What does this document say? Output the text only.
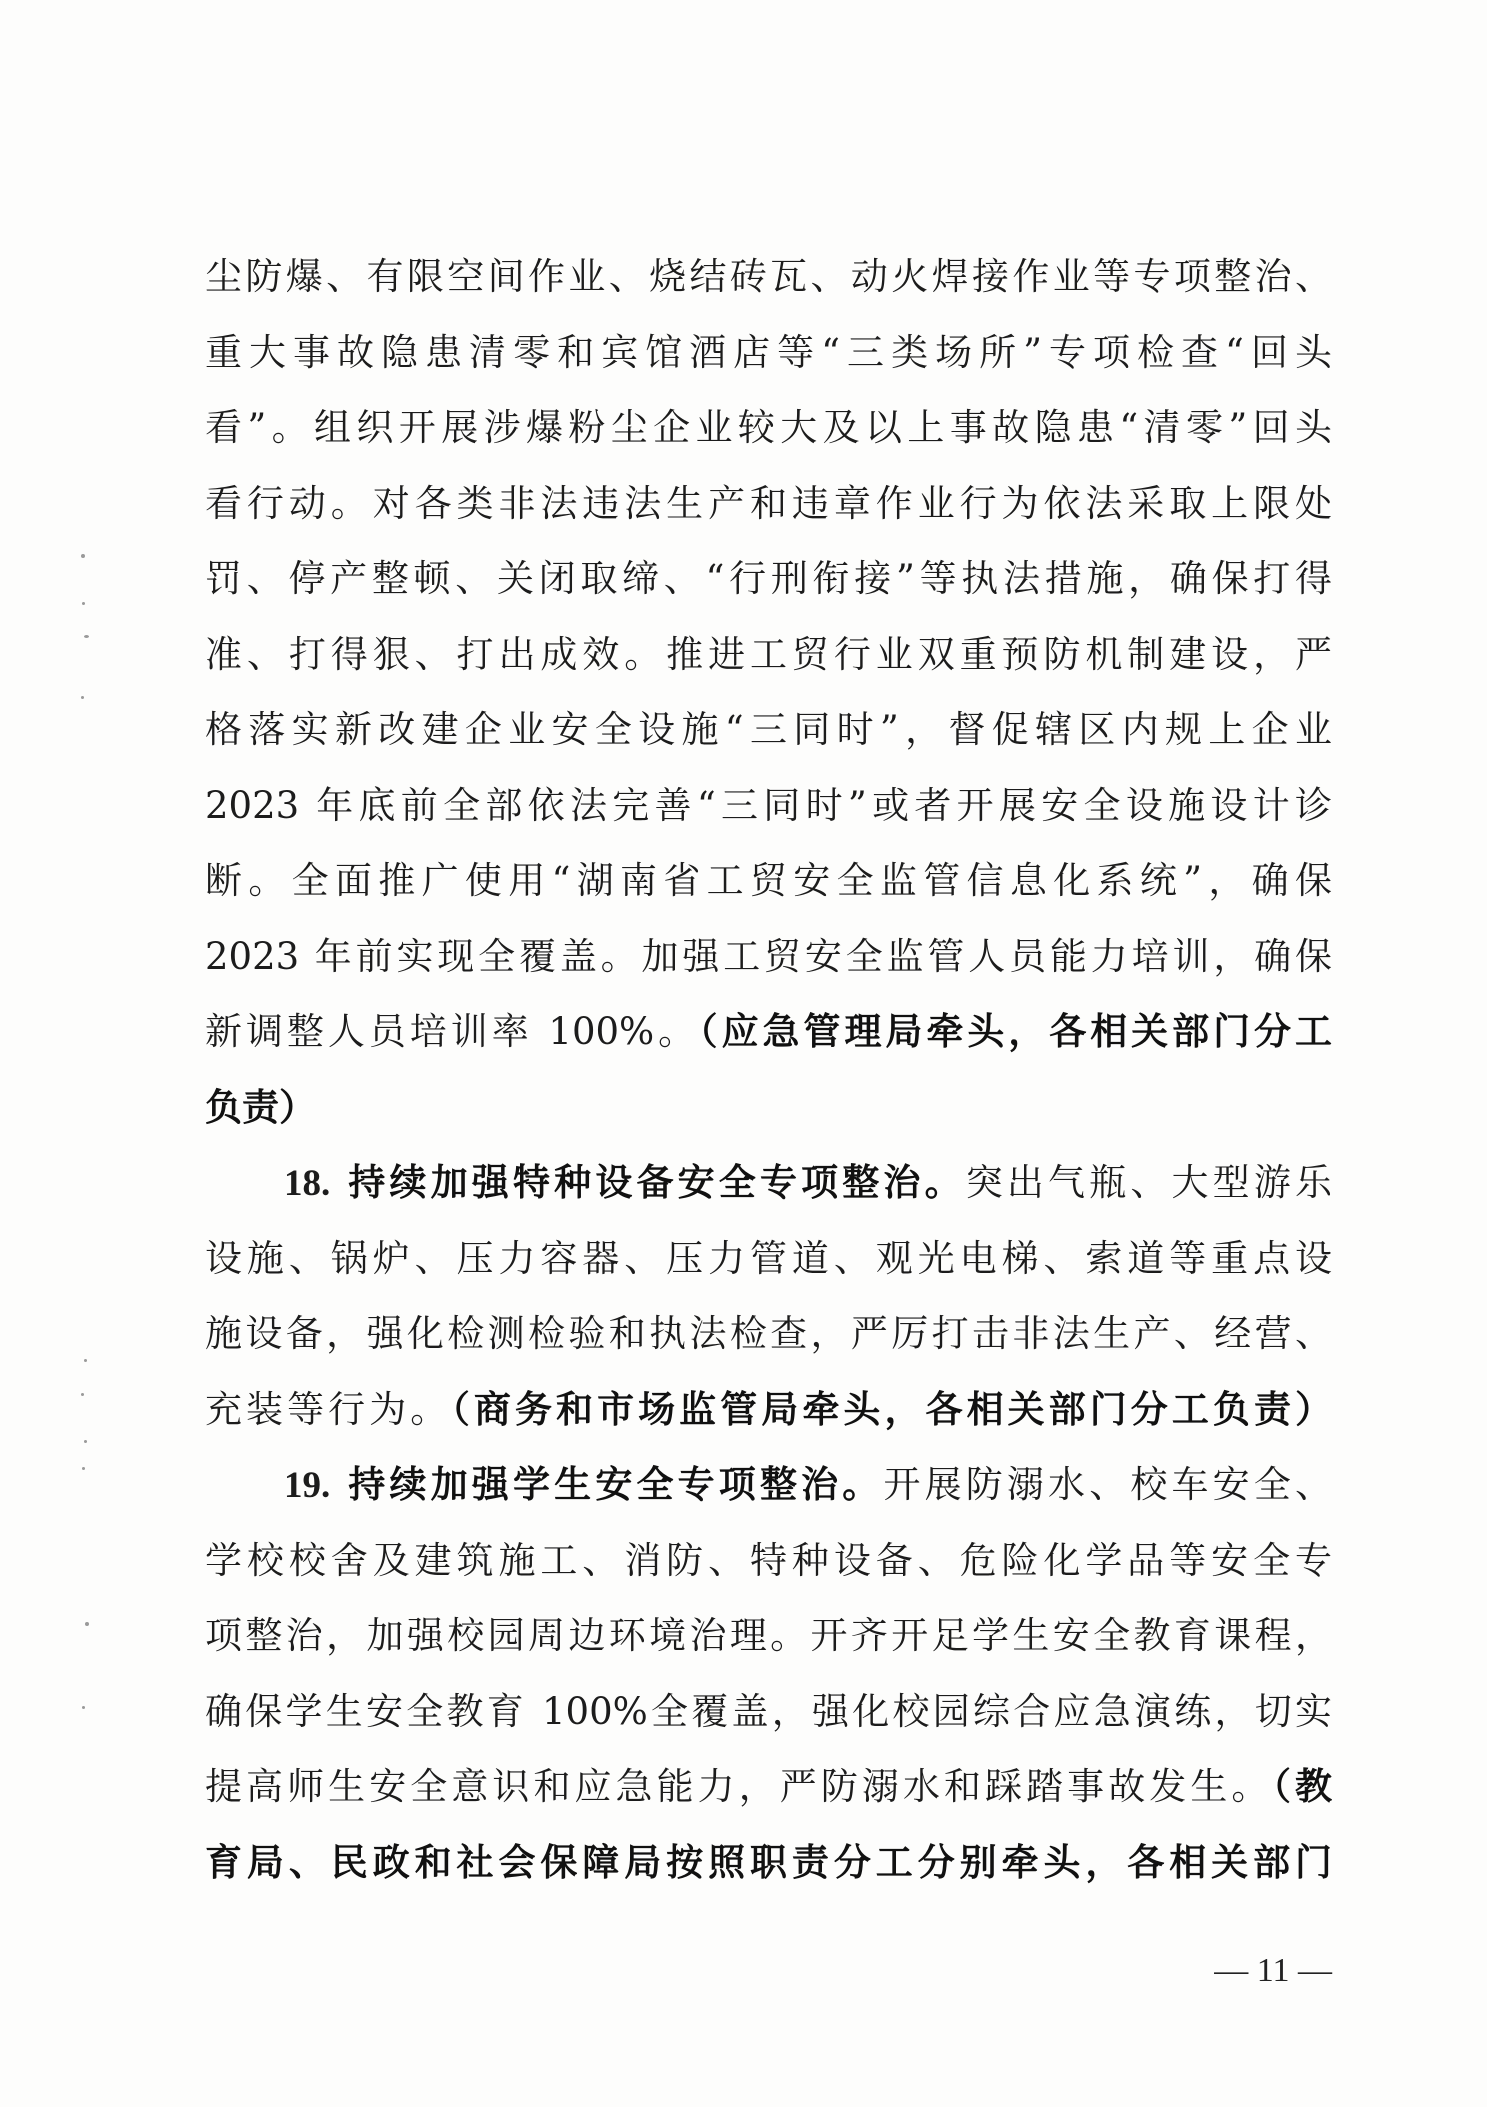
尘防爆、有限空间作业、烧结砖瓦、动火焊接作业等专项整治、
重大事故隐患清零和宾馆酒店等“三类场所”专项检查“回头
看”。组织开展涉爆粉尘企业较大及以上事故隐患“清零”回头
看行动。对各类非法违法生产和违章作业行为依法采取上限处
罚、停产整顿、关闭取缔、“行刑衔接”等执法措施，确保打得
准、打得狠、打出成效。推进工贸行业双重预防机制建设，严
格落实新改建企业安全设施“三同时”，督促辖区内规上企业
2023 年底前全部依法完善“三同时”或者开展安全设施设计诊
断。全面推广使用“湖南省工贸安全监管信息化系统”，确保
2023 年前实现全覆盖。加强工贸安全监管人员能力培训，确保
新调整人员培训率 100%。（应急管理局牵头，各相关部门分工
负责）
18. 持续加强特种设备安全专项整治。突出气瓶、大型游乐
设施、锅炉、压力容器、压力管道、观光电梯、索道等重点设
施设备，强化检测检验和执法检查，严厉打击非法生产、经营、
充装等行为。（商务和市场监管局牵头，各相关部门分工负责）
19. 持续加强学生安全专项整治。开展防溺水、校车安全、
学校校舍及建筑施工、消防、特种设备、危险化学品等安全专
项整治，加强校园周边环境治理。开齐开足学生安全教育课程，
确保学生安全教育 100%全覆盖，强化校园综合应急演练，切实
提高师生安全意识和应急能力，严防溺水和踩踏事故发生。（教
育局、民政和社会保障局按照职责分工分别牵头，各相关部门
— 11 —
